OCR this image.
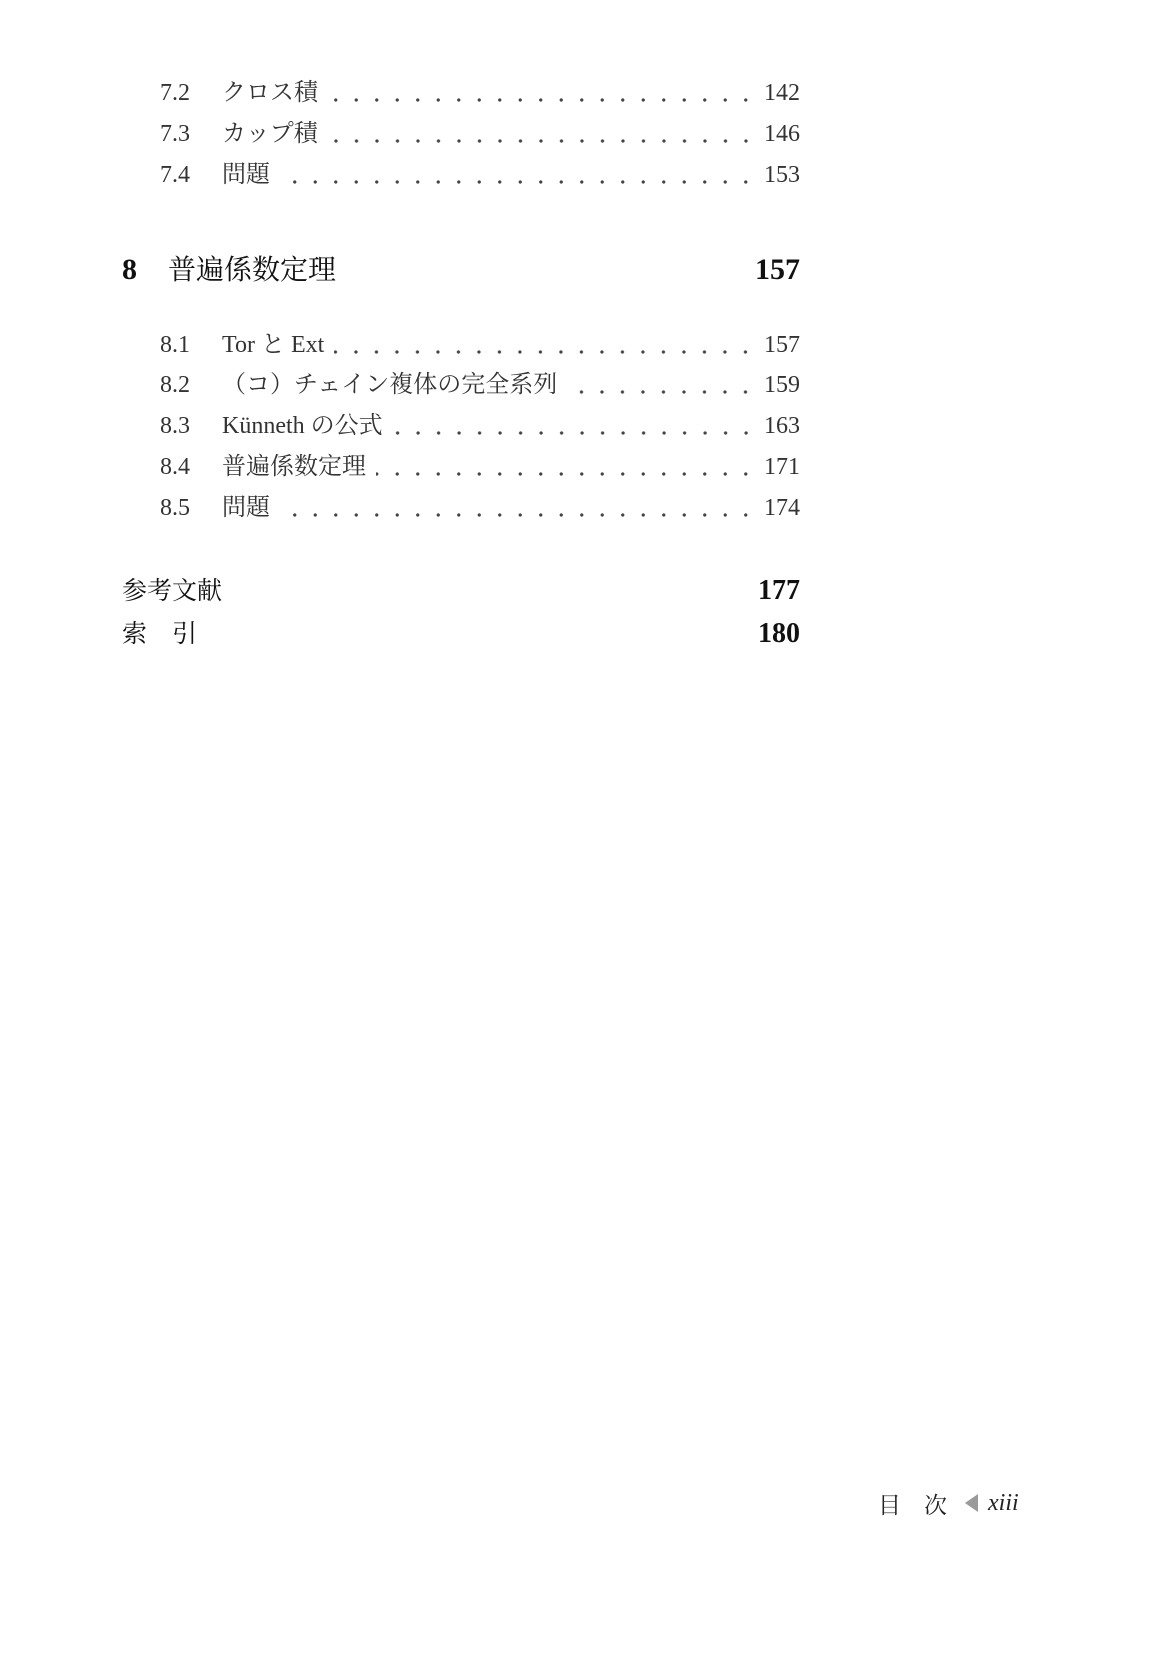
7.2	クロス積	142
7.3	カップ積	146
7.4	問題	153
8	普遍係数定理	157
8.1	Tor と Ext	157
8.2	（コ）チェイン複体の完全系列	159
8.3	Künneth の公式	163
8.4	普遍係数定理	171
8.5	問題	174
参考文献	177
索　引	180
目　次 xiii
